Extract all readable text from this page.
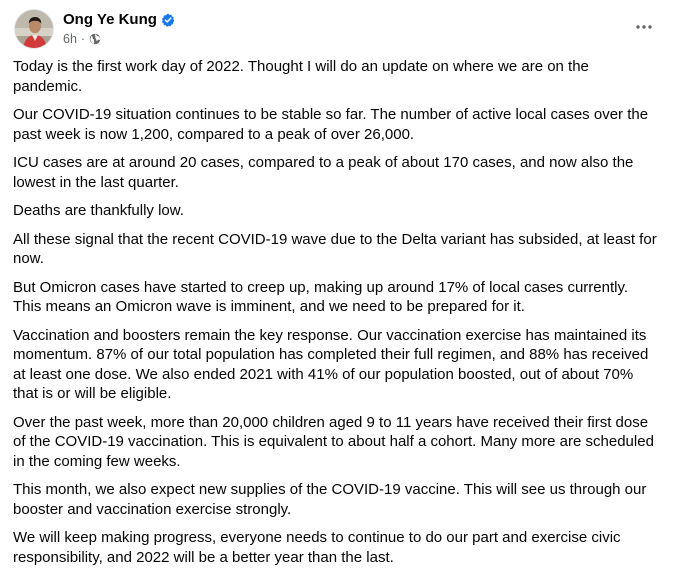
Ong Ye Kung
6h ·

Today is the first work day of 2022. Thought I will do an update on where we are on the pandemic.

Our COVID-19 situation continues to be stable so far. The number of active local cases over the past week is now 1,200, compared to a peak of over 26,000.

ICU cases are at around 20 cases, compared to a peak of about 170 cases, and now also the lowest in the last quarter.

Deaths are thankfully low.

All these signal that the recent COVID-19 wave due to the Delta variant has subsided, at least for now.

But Omicron cases have started to creep up, making up around 17% of local cases currently. This means an Omicron wave is imminent, and we need to be prepared for it.

Vaccination and boosters remain the key response. Our vaccination exercise has maintained its momentum. 87% of our total population has completed their full regimen, and 88% has received at least one dose. We also ended 2021 with 41% of our population boosted, out of about 70% that is or will be eligible.

Over the past week, more than 20,000 children aged 9 to 11 years have received their first dose of the COVID-19 vaccination. This is equivalent to about half a cohort. Many more are scheduled in the coming few weeks.

This month, we also expect new supplies of the COVID-19 vaccine. This will see us through our booster and vaccination exercise strongly.

We will keep making progress, everyone needs to continue to do our part and exercise civic responsibility, and 2022 will be a better year than the last.
